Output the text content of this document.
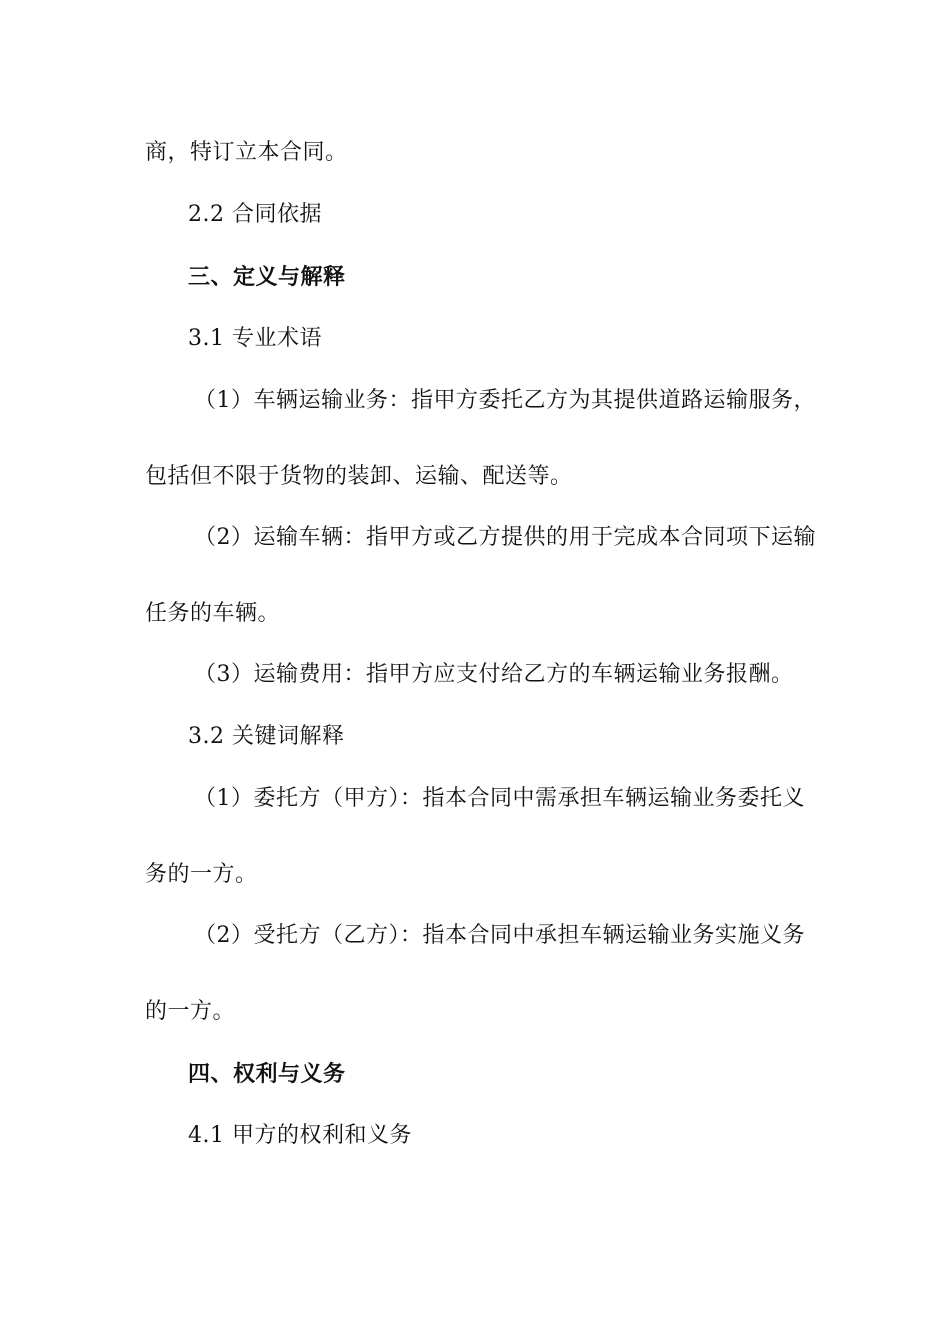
商，特订立本合同。
2.2 合同依据
三、定义与解释
3.1 专业术语
（1）车辆运输业务：指甲方委托乙方为其提供道路运输服务，
包括但不限于货物的装卸、运输、配送等。
（2）运输车辆：指甲方或乙方提供的用于完成本合同项下运输
任务的车辆。
（3）运输费用：指甲方应支付给乙方的车辆运输业务报酬。
3.2 关键词解释
（1）委托方（甲方）：指本合同中需承担车辆运输业务委托义
务的一方。
（2）受托方（乙方）：指本合同中承担车辆运输业务实施义务
的一方。
四、权利与义务
4.1 甲方的权利和义务
